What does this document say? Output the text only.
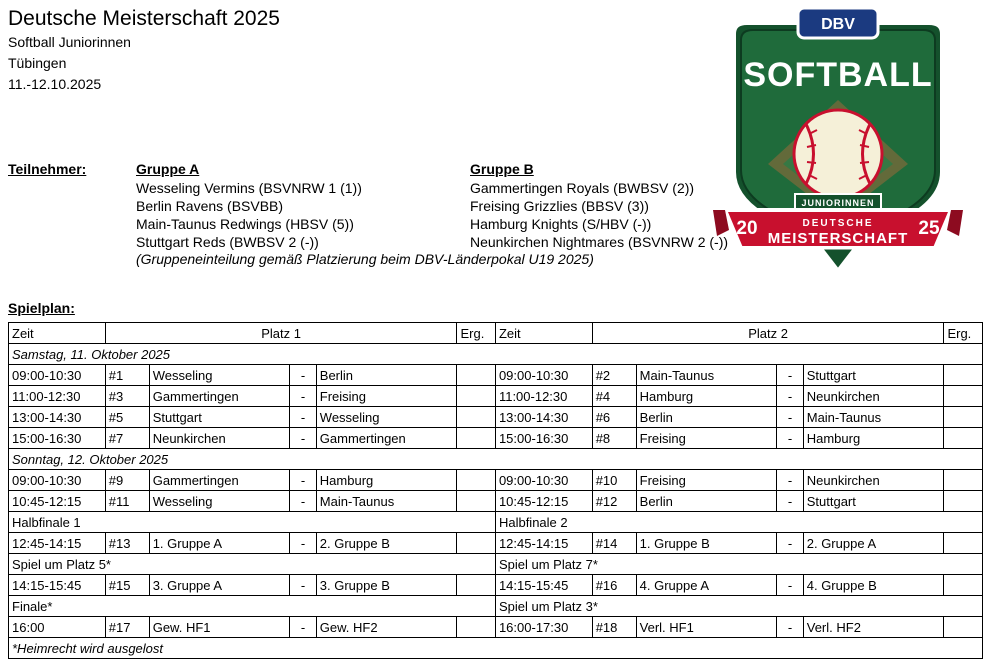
Deutsche Meisterschaft 2025
Softball Juniorinnen
Tübingen
11.-12.10.2025
DBV
SOFTBALL
JUNIORINNEN
DEUTSCHE
MEISTERSCHAFT
20	25
Teilnehmer:	Gruppe A
Wesseling Vermins (BSVNRW 1 (1))
Berlin Ravens (BSVBB)
Main-Taunus Redwings (HBSV (5))
Stuttgart Reds (BWBSV 2 (-))
Gruppe B
Gammertingen Royals (BWBSV (2))
Freising Grizzlies (BBSV (3))
Hamburg Knights (S/HBV (-))
Neunkirchen Nightmares (BSVNRW 2 (-))
(Gruppeneinteilung gemäß Platzierung beim DBV-Länderpokal U19 2025)
Spielplan:
Zeit	Platz 1				Erg.	Zeit	Platz 2				Erg.
Samstag, 11. Oktober 2025											
09:00-10:30	#1	Wesseling	-	Berlin		09:00-10:30	#2	Main-Taunus	-	Stuttgart	
11:00-12:30	#3	Gammertingen	-	Freising		11:00-12:30	#4	Hamburg	-	Neunkirchen	
13:00-14:30	#5	Stuttgart	-	Wesseling		13:00-14:30	#6	Berlin	-	Main-Taunus	
15:00-16:30	#7	Neunkirchen	-	Gammertingen		15:00-16:30	#8	Freising	-	Hamburg	
Sonntag, 12. Oktober 2025											
09:00-10:30	#9	Gammertingen	-	Hamburg		09:00-10:30	#10	Freising	-	Neunkirchen	
10:45-12:15	#11	Wesseling	-	Main-Taunus		10:45-12:15	#12	Berlin	-	Stuttgart	
Halbfinale 1						Halbfinale 2					
12:45-14:15	#13	1. Gruppe A	-	2. Gruppe B		12:45-14:15	#14	1. Gruppe B	-	2. Gruppe A	
Spiel um Platz 5*						Spiel um Platz 7*					
14:15-15:45	#15	3. Gruppe A	-	3. Gruppe B		14:15-15:45	#16	4. Gruppe A	-	4. Gruppe B	
Finale*						Spiel um Platz 3*					
16:00	#17	Gew. HF1	-	Gew. HF2		16:00-17:30	#18	Verl. HF1	-	Verl. HF2	
*Heimrecht wird ausgelost											
